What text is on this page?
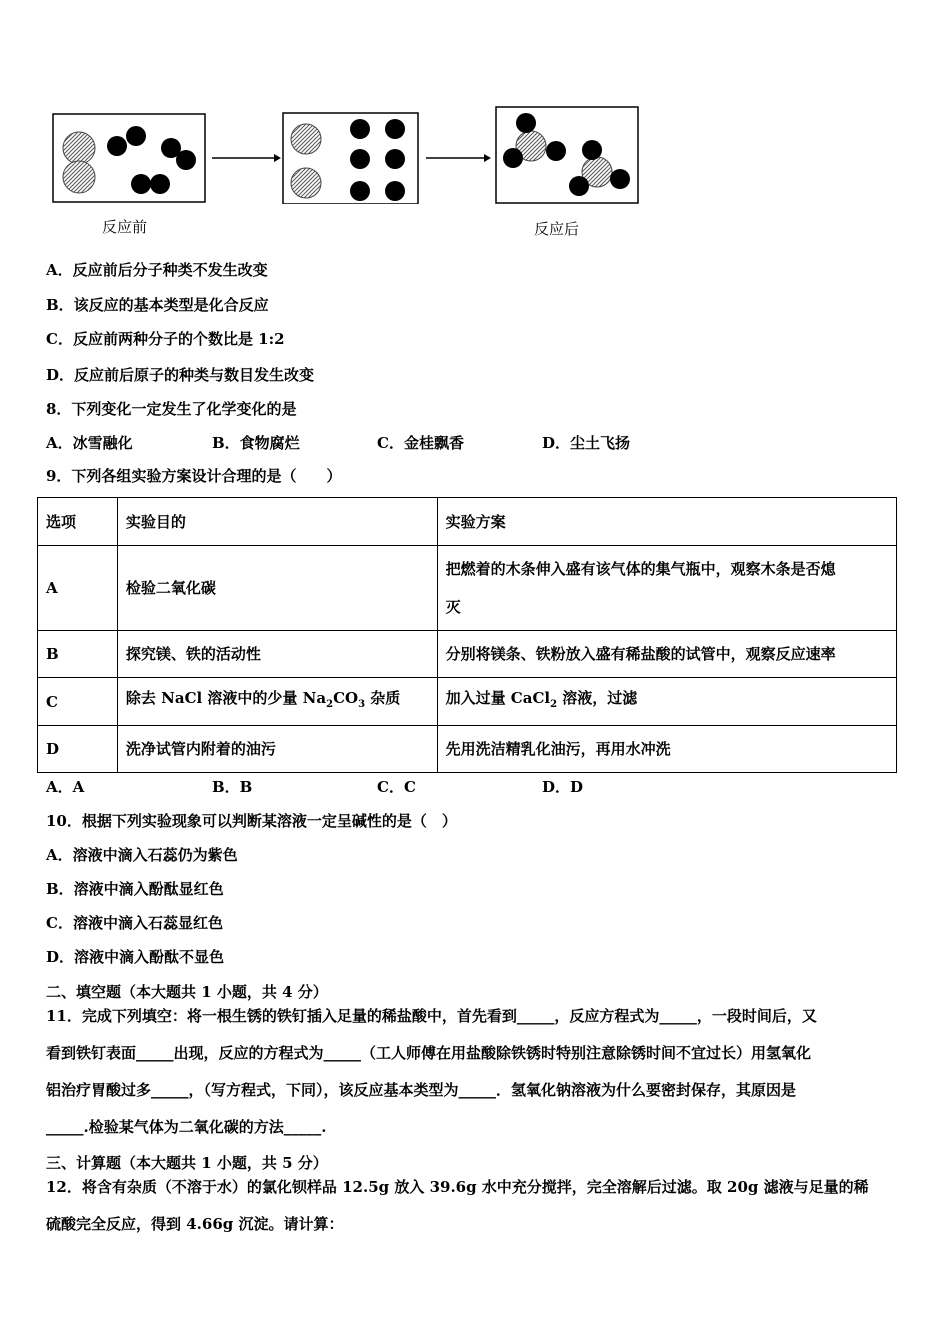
反应前	反应后
A．反应前后分子种类不发生改变
B．该反应的基本类型是化合反应
C．反应前两种分子的个数比是 1:2
D．反应前后原子的种类与数目发生改变
8．下列变化一定发生了化学变化的是
A．冰雪融化	B．食物腐烂	C．金桂飘香	D．尘土飞扬
9．下列各组实验方案设计合理的是（　　）
选项	实验目的	实验方案
A	检验二氧化碳	把燃着的木条伸入盛有该气体的集气瓶中，观察木条是否熄
灭

B	探究镁、铁的活动性	分别将镁条、铁粉放入盛有稀盐酸的试管中，观察反应速率
C	除去 NaCl 溶液中的少量 $Na_2CO_3$ 杂质	加入过量 CaCl$_2$ 溶液，过滤
D	洗净试管内附着的油污	先用洗洁精乳化油污，再用水冲洗
A．A	B．B	C．C	D．D
10．根据下列实验现象可以判断某溶液一定呈碱性的是（　）
A．溶液中滴入石蕊仍为紫色
B．溶液中滴入酚酞显红色
C．溶液中滴入石蕊显红色
D．溶液中滴入酚酞不显色
二、填空题（本大题共 1 小题，共 4 分）

11．完成下列填空：将一根生锈的铁钉插入足量的稀盐酸中，首先看到_____，反应方程式为_____，一段时间后，又

看到铁钉表面_____出现，反应的方程式为_____（工人师傅在用盐酸除铁锈时特别注意除锈时间不宜过长）用氢氧化

铝治疗胃酸过多_____，（写方程式，下同），该反应基本类型为_____．氢氧化钠溶液为什么要密封保存，其原因是

_____.检验某气体为二氧化碳的方法_____.

三、计算题（本大题共 1 小题，共 5 分）

12．将含有杂质（不溶于水）的氯化钡样品 12.5g 放入 39.6g 水中充分搅拌，完全溶解后过滤。取 20g 滤液与足量的稀

硫酸完全反应，得到 4.66g 沉淀。请计算：
